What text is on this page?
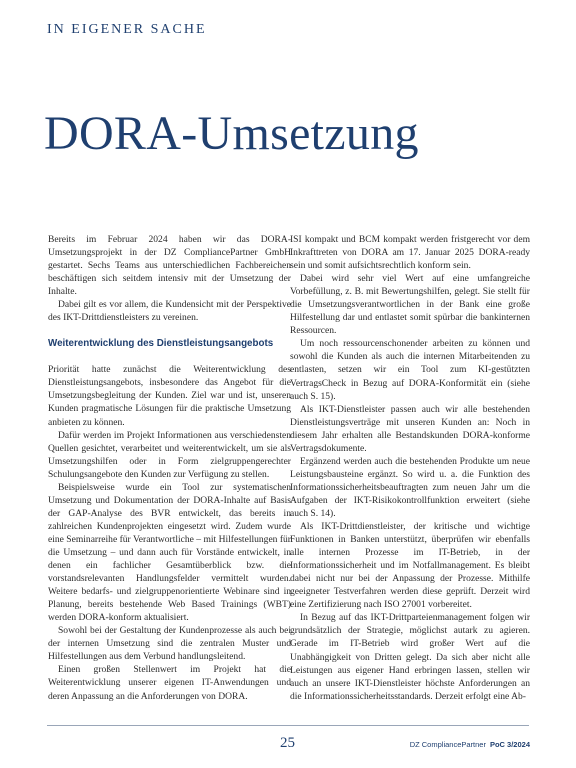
IN EIGENER SACHE
DORA-Umsetzung

Bereits im Februar 2024 haben wir das DORA-Umsetzungsprojekt in der DZ CompliancePartner GmbH gestartet. Sechs Teams aus unterschiedlichen Fachbereichen beschäftigen sich seitdem intensiv mit der Umsetzung der Inhalte.

Dabei gilt es vor allem, die Kundensicht mit der Perspektive des IKT-Drittdienstleisters zu vereinen.

Weiterentwicklung des Dienstleistungsangebots

Priorität hatte zunächst die Weiterentwicklung des Dienstleistungsangebots, insbesondere das Angebot für die Umsetzungsbegleitung der Kunden. Ziel war und ist, unseren Kunden pragmatische Lösungen für die praktische Umsetzung anbieten zu können.

Dafür werden im Projekt Informationen aus verschiedensten Quellen gesichtet, verarbeitet und weiterentwickelt, um sie als Umsetzungshilfen oder in Form zielgruppengerechter Schulungsangebote den Kunden zur Verfügung zu stellen.

Beispielsweise wurde ein Tool zur systematischen Umsetzung und Dokumentation der DORA-Inhalte auf Basis der GAP-Analyse des BVR entwickelt, das bereits in zahlreichen Kundenprojekten eingesetzt wird. Zudem wurde eine Seminarreihe für Verantwortliche – mit Hilfestellungen für die Umsetzung – und dann auch für Vorstände entwickelt, in denen ein fachlicher Gesamtüberblick bzw. die vorstandsrelevanten Handlungsfelder vermittelt wurden. Weitere bedarfs- und zielgruppenorientierte Webinare sind in Planung, bereits bestehende Web Based Trainings (WBT) werden DORA-konform aktualisiert.

Sowohl bei der Gestaltung der Kundenprozesse als auch bei der internen Umsetzung sind die zentralen Muster und Hilfestellungen aus dem Verbund handlungsleitend.

Einen großen Stellenwert im Projekt hat die Weiterentwicklung unserer eigenen IT-Anwendungen und deren Anpassung an die Anforderungen von DORA.

ISI kompakt und BCM kompakt werden fristgerecht vor dem Inkrafttreten von DORA am 17. Januar 2025 DORA-ready sein und somit aufsichtsrechtlich konform sein.

Dabei wird sehr viel Wert auf eine umfangreiche Vorbefüllung, z. B. mit Bewertungshilfen, gelegt. Sie stellt für die Umsetzungsverantwortlichen in der Bank eine große Hilfestellung dar und entlastet somit spürbar die bankinternen Ressourcen.

Um noch ressourcenschonender arbeiten zu können und sowohl die Kunden als auch die internen Mitarbeitenden zu entlasten, setzen wir ein Tool zum KI-gestützten VertragsCheck in Bezug auf DORA-Konformität ein (siehe auch S. 15).

Als IKT-Dienstleister passen auch wir alle bestehenden Dienstleistungsverträge mit unseren Kunden an: Noch in diesem Jahr erhalten alle Bestandskunden DORA-konforme Vertragsdokumente.

Ergänzend werden auch die bestehenden Produkte um neue Leistungsbausteine ergänzt. So wird u. a. die Funktion des Informationssicherheitsbeauftragten zum neuen Jahr um die Aufgaben der IKT-Risikokontrollfunktion erweitert (siehe auch S. 14).

Als IKT-Drittdienstleister, der kritische und wichtige Funktionen in Banken unterstützt, überprüfen wir ebenfalls alle internen Prozesse im IT-Betrieb, in der Informationssicherheit und im Notfallmanagement. Es bleibt dabei nicht nur bei der Anpassung der Prozesse. Mithilfe geeigneter Testverfahren werden diese geprüft. Derzeit wird eine Zertifizierung nach ISO 27001 vorbereitet.

In Bezug auf das IKT-Drittparteienmanagement folgen wir grundsätzlich der Strategie, möglichst autark zu agieren. Gerade im IT-Betrieb wird großer Wert auf die Unabhängigkeit von Dritten gelegt. Da sich aber nicht alle Leistungen aus eigener Hand erbringen lassen, stellen wir auch an unsere IKT-Dienstleister höchste Anforderungen an die Informationssicherheitsstandards. Derzeit erfolgt eine Ab-

25	DZ CompliancePartner PoC 3/2024
